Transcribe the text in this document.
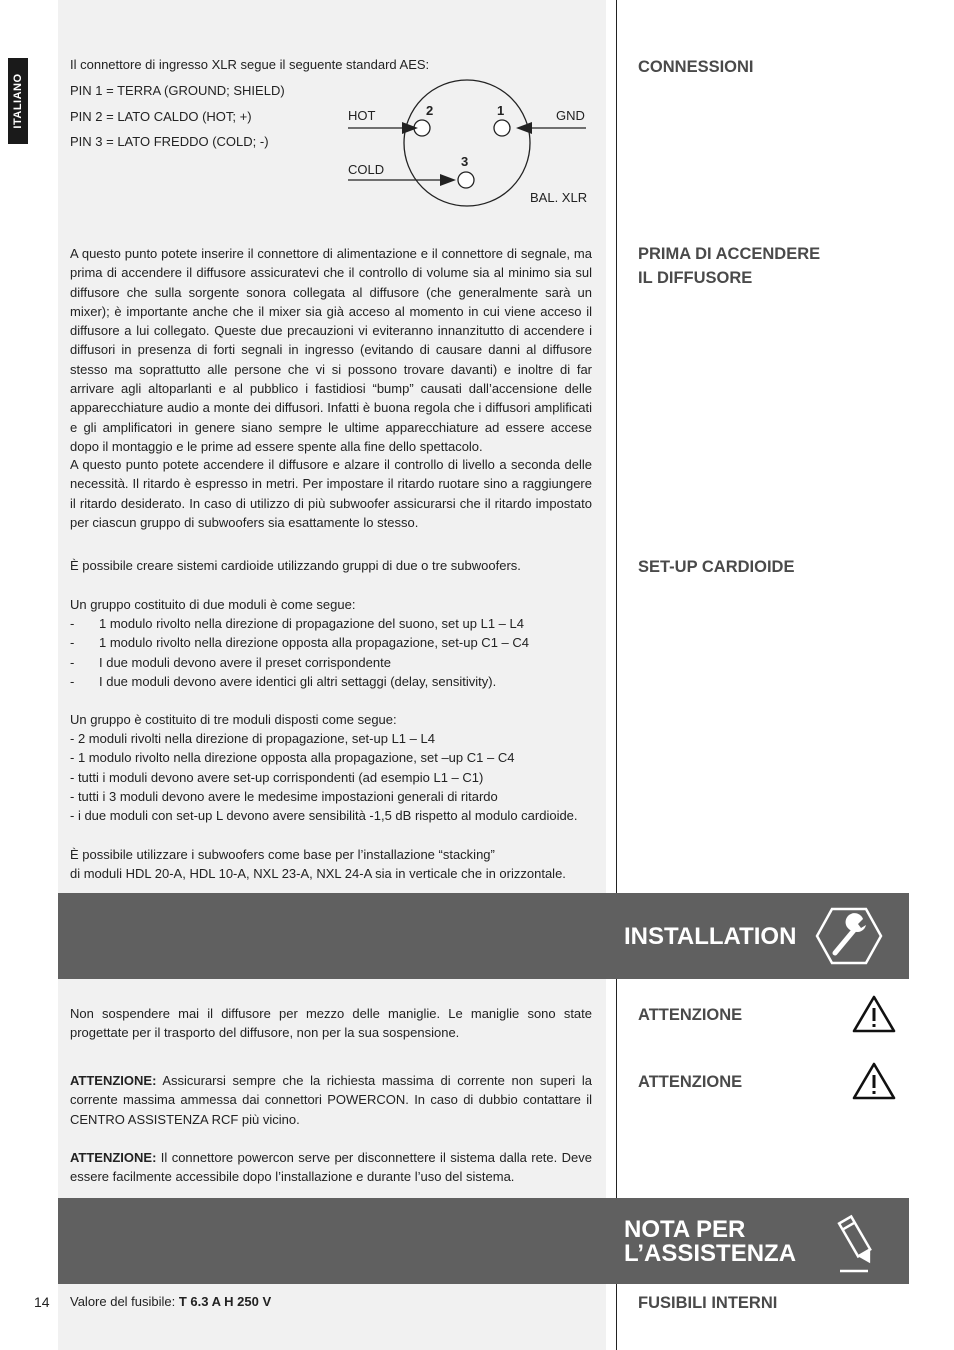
ITALIANO
CONNESSIONI
Il connettore di ingresso XLR segue il seguente standard AES:
PIN 1 = TERRA (GROUND; SHIELD)
PIN 2 = LATO CALDO (HOT; +)
PIN 3 = LATO FREDDO (COLD; -)
HOT	GND
COLD
2	1
3
BAL. XLR
PRIMA DI ACCENDERE
IL DIFFUSORE
A questo punto potete inserire il connettore di alimentazione e il connettore di segnale, ma prima di accendere il diffusore assicuratevi che il controllo di volume sia al minimo sia sul diffusore che sulla sorgente sonora collegata al diffusore (che generalmente sarà un mixer); è importante anche che il mixer sia già acceso al momento in cui viene acceso il diffusore a lui collegato. Queste due precauzioni vi eviteranno innanzitutto di accendere i diffusori in presenza di forti segnali in ingresso (evitando di causare danni al diffusore stesso ma soprattutto alle persone che vi si possono trovare davanti) e inoltre di far arrivare agli altoparlanti e al pubblico i fastidiosi “bump” causati dall’accensione delle apparecchiature audio a monte dei diffusori. Infatti è buona regola che i diffusori amplificati e gli amplificatori in genere siano sempre le ultime apparecchiature ad essere accese dopo il montaggio e le prime ad essere spente alla fine dello spettacolo.
A questo punto potete accendere il diffusore e alzare il controllo di livello a seconda delle necessità. Il ritardo è espresso in metri. Per impostare il ritardo ruotare sino a raggiungere il ritardo desiderato. In caso di utilizzo di più subwoofer assicurarsi che il ritardo impostato per ciascun gruppo di subwoofers sia esattamente lo stesso.
SET-UP CARDIOIDE
È possibile creare sistemi cardioide utilizzando gruppi di due o tre subwoofers.
Un gruppo costituito di due moduli è come segue:
- 1 modulo rivolto nella direzione di propagazione del suono, set up L1 – L4
- 1 modulo rivolto nella direzione opposta alla propagazione, set-up C1 – C4
- I due moduli devono avere il preset corrispondente
- I due moduli devono avere identici gli altri settaggi (delay, sensitivity).
Un gruppo è costituito di tre moduli disposti come segue:
- 2 moduli rivolti nella direzione di propagazione, set-up L1 – L4
- 1 modulo rivolto nella direzione opposta alla propagazione, set –up C1 – C4
- tutti i moduli devono avere set-up corrispondenti (ad esempio L1 – C1)
- tutti i 3 moduli devono avere le medesime impostazioni generali di ritardo
- i due moduli con set-up L devono avere sensibilità -1,5 dB rispetto al modulo cardioide.
È possibile utilizzare i subwoofers come base per l’installazione “stacking”
di moduli HDL 20-A, HDL 10-A, NXL 23-A, NXL 24-A sia in verticale che in orizzontale.
INSTALLATION
ATTENZIONE
Non sospendere mai il diffusore per mezzo delle maniglie. Le maniglie sono state progettate per il trasporto del diffusore, non per la sua sospensione.
ATTENZIONE
ATTENZIONE: Assicurarsi sempre che la richiesta massima di corrente non superi la corrente massima ammessa dai connettori POWERCON. In caso di dubbio contattare il CENTRO ASSISTENZA RCF più vicino.
ATTENZIONE: Il connettore powercon serve per disconnettere il sistema dalla rete. Deve essere facilmente accessibile dopo l’installazione e durante l’uso del sistema.
NOTA PER
L’ASSISTENZA
FUSIBILI INTERNI
Valore del fusibile: T 6.3 A H 250 V
14
